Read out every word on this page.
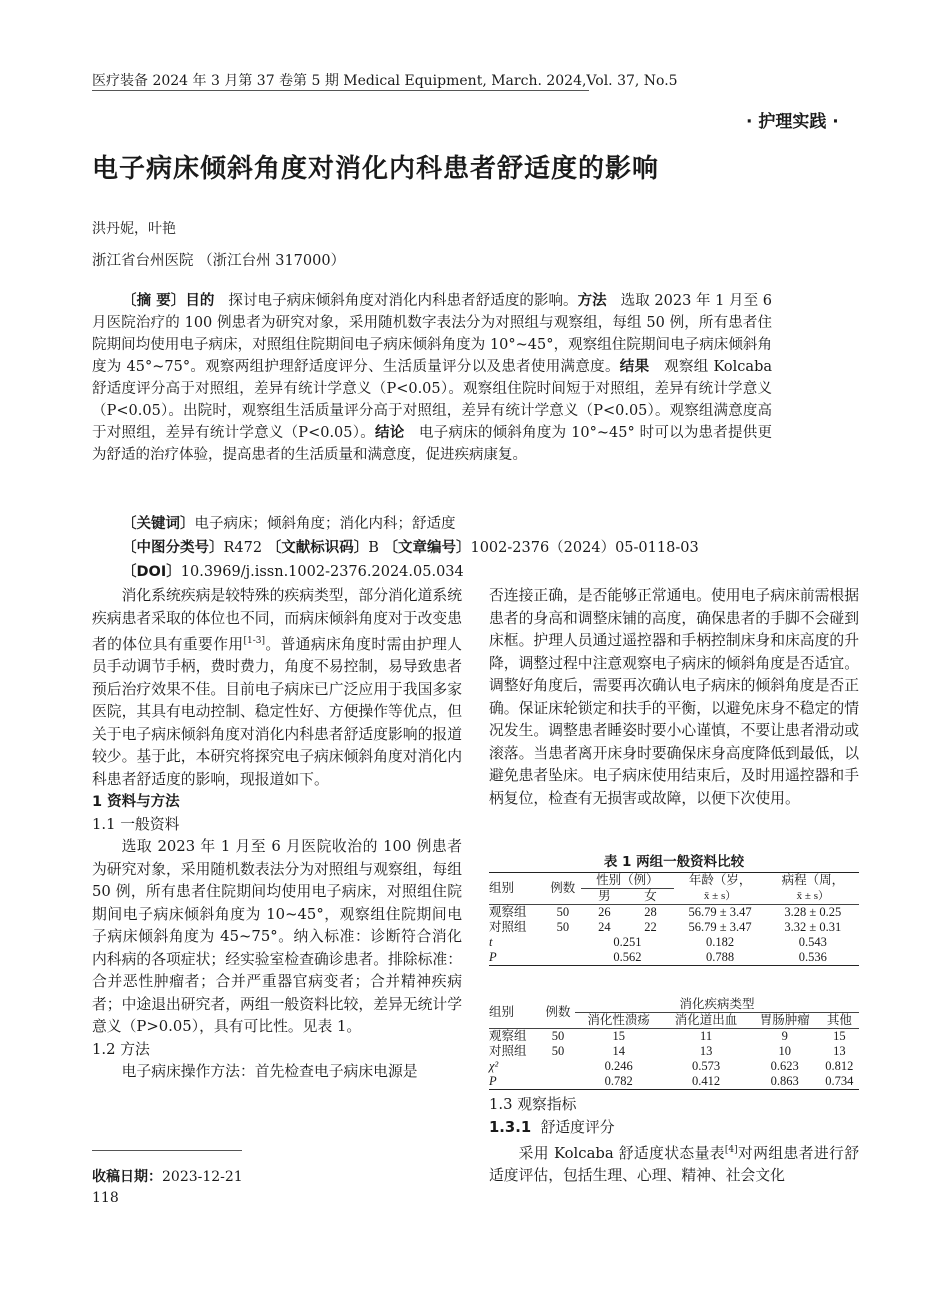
医疗装备 2024 年 3 月第 37 卷第 5 期 Medical Equipment, March. 2024,Vol. 37, No.5
· 护理实践 ·
电子病床倾斜角度对消化内科患者舒适度的影响
洪丹妮，叶艳
浙江省台州医院 （浙江台州 317000）
〔摘 要〕目的 探讨电子病床倾斜角度对消化内科患者舒适度的影响。方法 选取 2023 年 1 月至 6 月医院治疗的 100 例患者为研究对象，采用随机数字表法分为对照组与观察组，每组 50 例，所有患者住院期间均使用电子病床，对照组住院期间电子病床倾斜角度为 10°~45°，观察组住院期间电子病床倾斜角度为 45°~75°。观察两组护理舒适度评分、生活质量评分以及患者使用满意度。结果 观察组 Kolcaba 舒适度评分高于对照组，差异有统计学意义（P<0.05）。观察组住院时间短于对照组，差异有统计学意义（P<0.05）。出院时，观察组生活质量评分高于对照组，差异有统计学意义（P<0.05）。观察组满意度高于对照组，差异有统计学意义（P<0.05）。结论 电子病床的倾斜角度为 10°~45° 时可以为患者提供更为舒适的治疗体验，提高患者的生活质量和满意度，促进疾病康复。
〔关键词〕电子病床；倾斜角度；消化内科；舒适度
〔中图分类号〕R472 〔文献标识码〕B 〔文章编号〕1002-2376（2024）05-0118-03
〔DOI〕10.3969/j.issn.1002-2376.2024.05.034

消化系统疾病是较特殊的疾病类型，部分消化道系统疾病患者采取的体位也不同，而病床倾斜角度对于改变患者的体位具有重要作用[1-3]。普通病床角度时需由护理人员手动调节手柄，费时费力，角度不易控制，易导致患者预后治疗效果不佳。目前电子病床已广泛应用于我国多家医院，其具有电动控制、稳定性好、方便操作等优点，但关于电子病床倾斜角度对消化内科患者舒适度影响的报道较少。基于此，本研究将探究电子病床倾斜角度对消化内科患者舒适度的影响，现报道如下。

1 资料与方法

1.1 一般资料

选取 2023 年 1 月至 6 月医院收治的 100 例患者为研究对象，采用随机数表法分为对照组与观察组，每组 50 例，所有患者住院期间均使用电子病床，对照组住院期间电子病床倾斜角度为 10~45°，观察组住院期间电子病床倾斜角度为 45~75°。纳入标准：诊断符合消化内科病的各项症状；经实验室检查确诊患者。排除标准：合并恶性肿瘤者；合并严重器官病变者；合并精神疾病者；中途退出研究者，两组一般资料比较，差异无统计学意义（P>0.05），具有可比性。见表 1。

1.2 方法

电子病床操作方法：首先检查电子病床电源是

否连接正确，是否能够正常通电。使用电子病床前需根据患者的身高和调整床铺的高度，确保患者的手脚不会碰到床框。护理人员通过遥控器和手柄控制床身和床高度的升降，调整过程中注意观察电子病床的倾斜角度是否适宜。调整好角度后，需要再次确认电子病床的倾斜角度是否正确。保证床轮锁定和扶手的平衡，以避免床身不稳定的情况发生。调整患者睡姿时要小心谨慎，不要让患者滑动或滚落。当患者离开床身时要确保床身高度降低到最低，以避免患者坠床。电子病床使用结束后，及时用遥控器和手柄复位，检查有无损害或故障，以便下次使用。

表 1 两组一般资料比较
组别	例数	性别（例）		年龄（岁，	病程（周，
		男	女	x̄ ± s）	x̄ ± s）
观察组	50	26	28	56.79 ± 3.47	3.28 ± 0.25
对照组	50	24	22	56.79 ± 3.47	3.32 ± 0.31
t		0.251		0.182	0.543
P		0.562		0.788	0.536
组别	例数	消化疾病类型			
		消化性溃疡	消化道出血	胃肠肿瘤	其他
观察组	50	15	11	9	15
对照组	50	14	13	10	13
χ²		0.246	0.573	0.623	0.812
P		0.782	0.412	0.863	0.734

1.3 观察指标

1.3.1 舒适度评分

采用 Kolcaba 舒适度状态量表[4]对两组患者进行舒适度评估，包括生理、心理、精神、社会文化

收稿日期：2023-12-21
118
